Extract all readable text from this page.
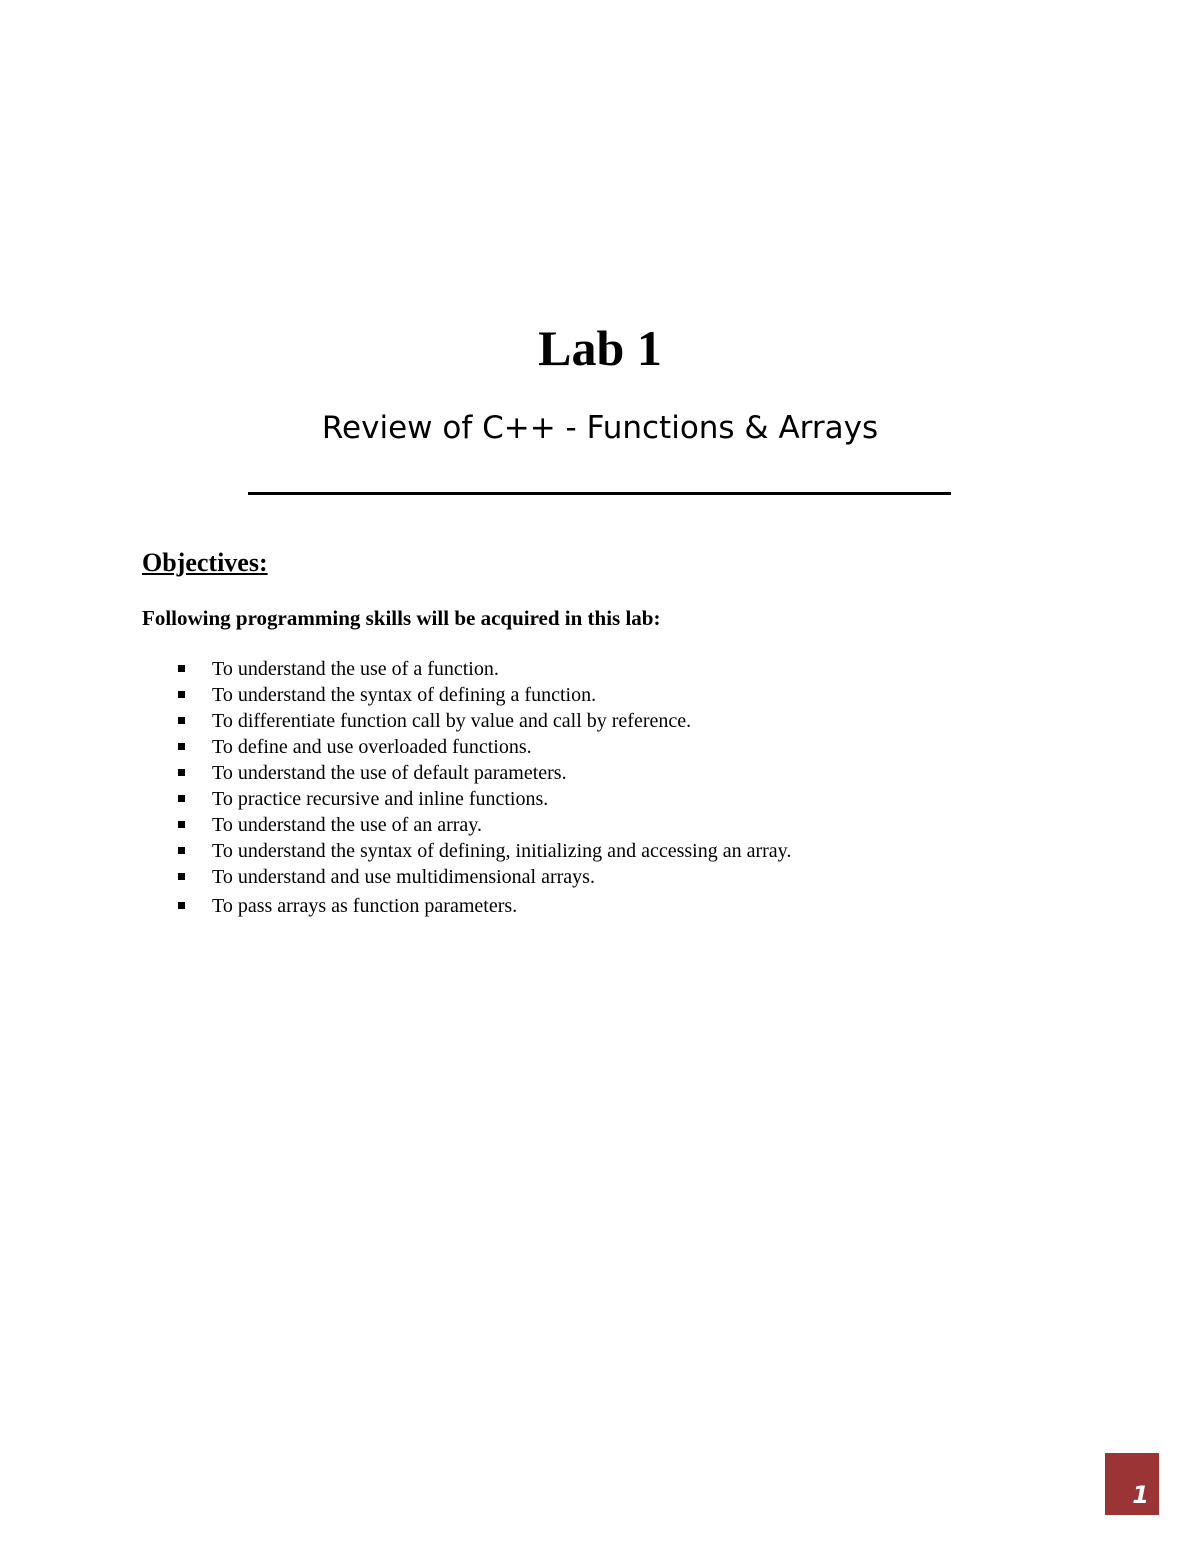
Lab 1
Review of C++ - Functions & Arrays
Objectives:
Following programming skills will be acquired in this lab:
To understand the use of a function.
To understand the syntax of defining a function.
To differentiate function call by value and call by reference.
To define and use overloaded functions.
To understand the use of default parameters.
To practice recursive and inline functions.
To understand the use of an array.
To understand the syntax of defining, initializing and accessing an array.
To understand and use multidimensional arrays.
To pass arrays as function parameters.
1
